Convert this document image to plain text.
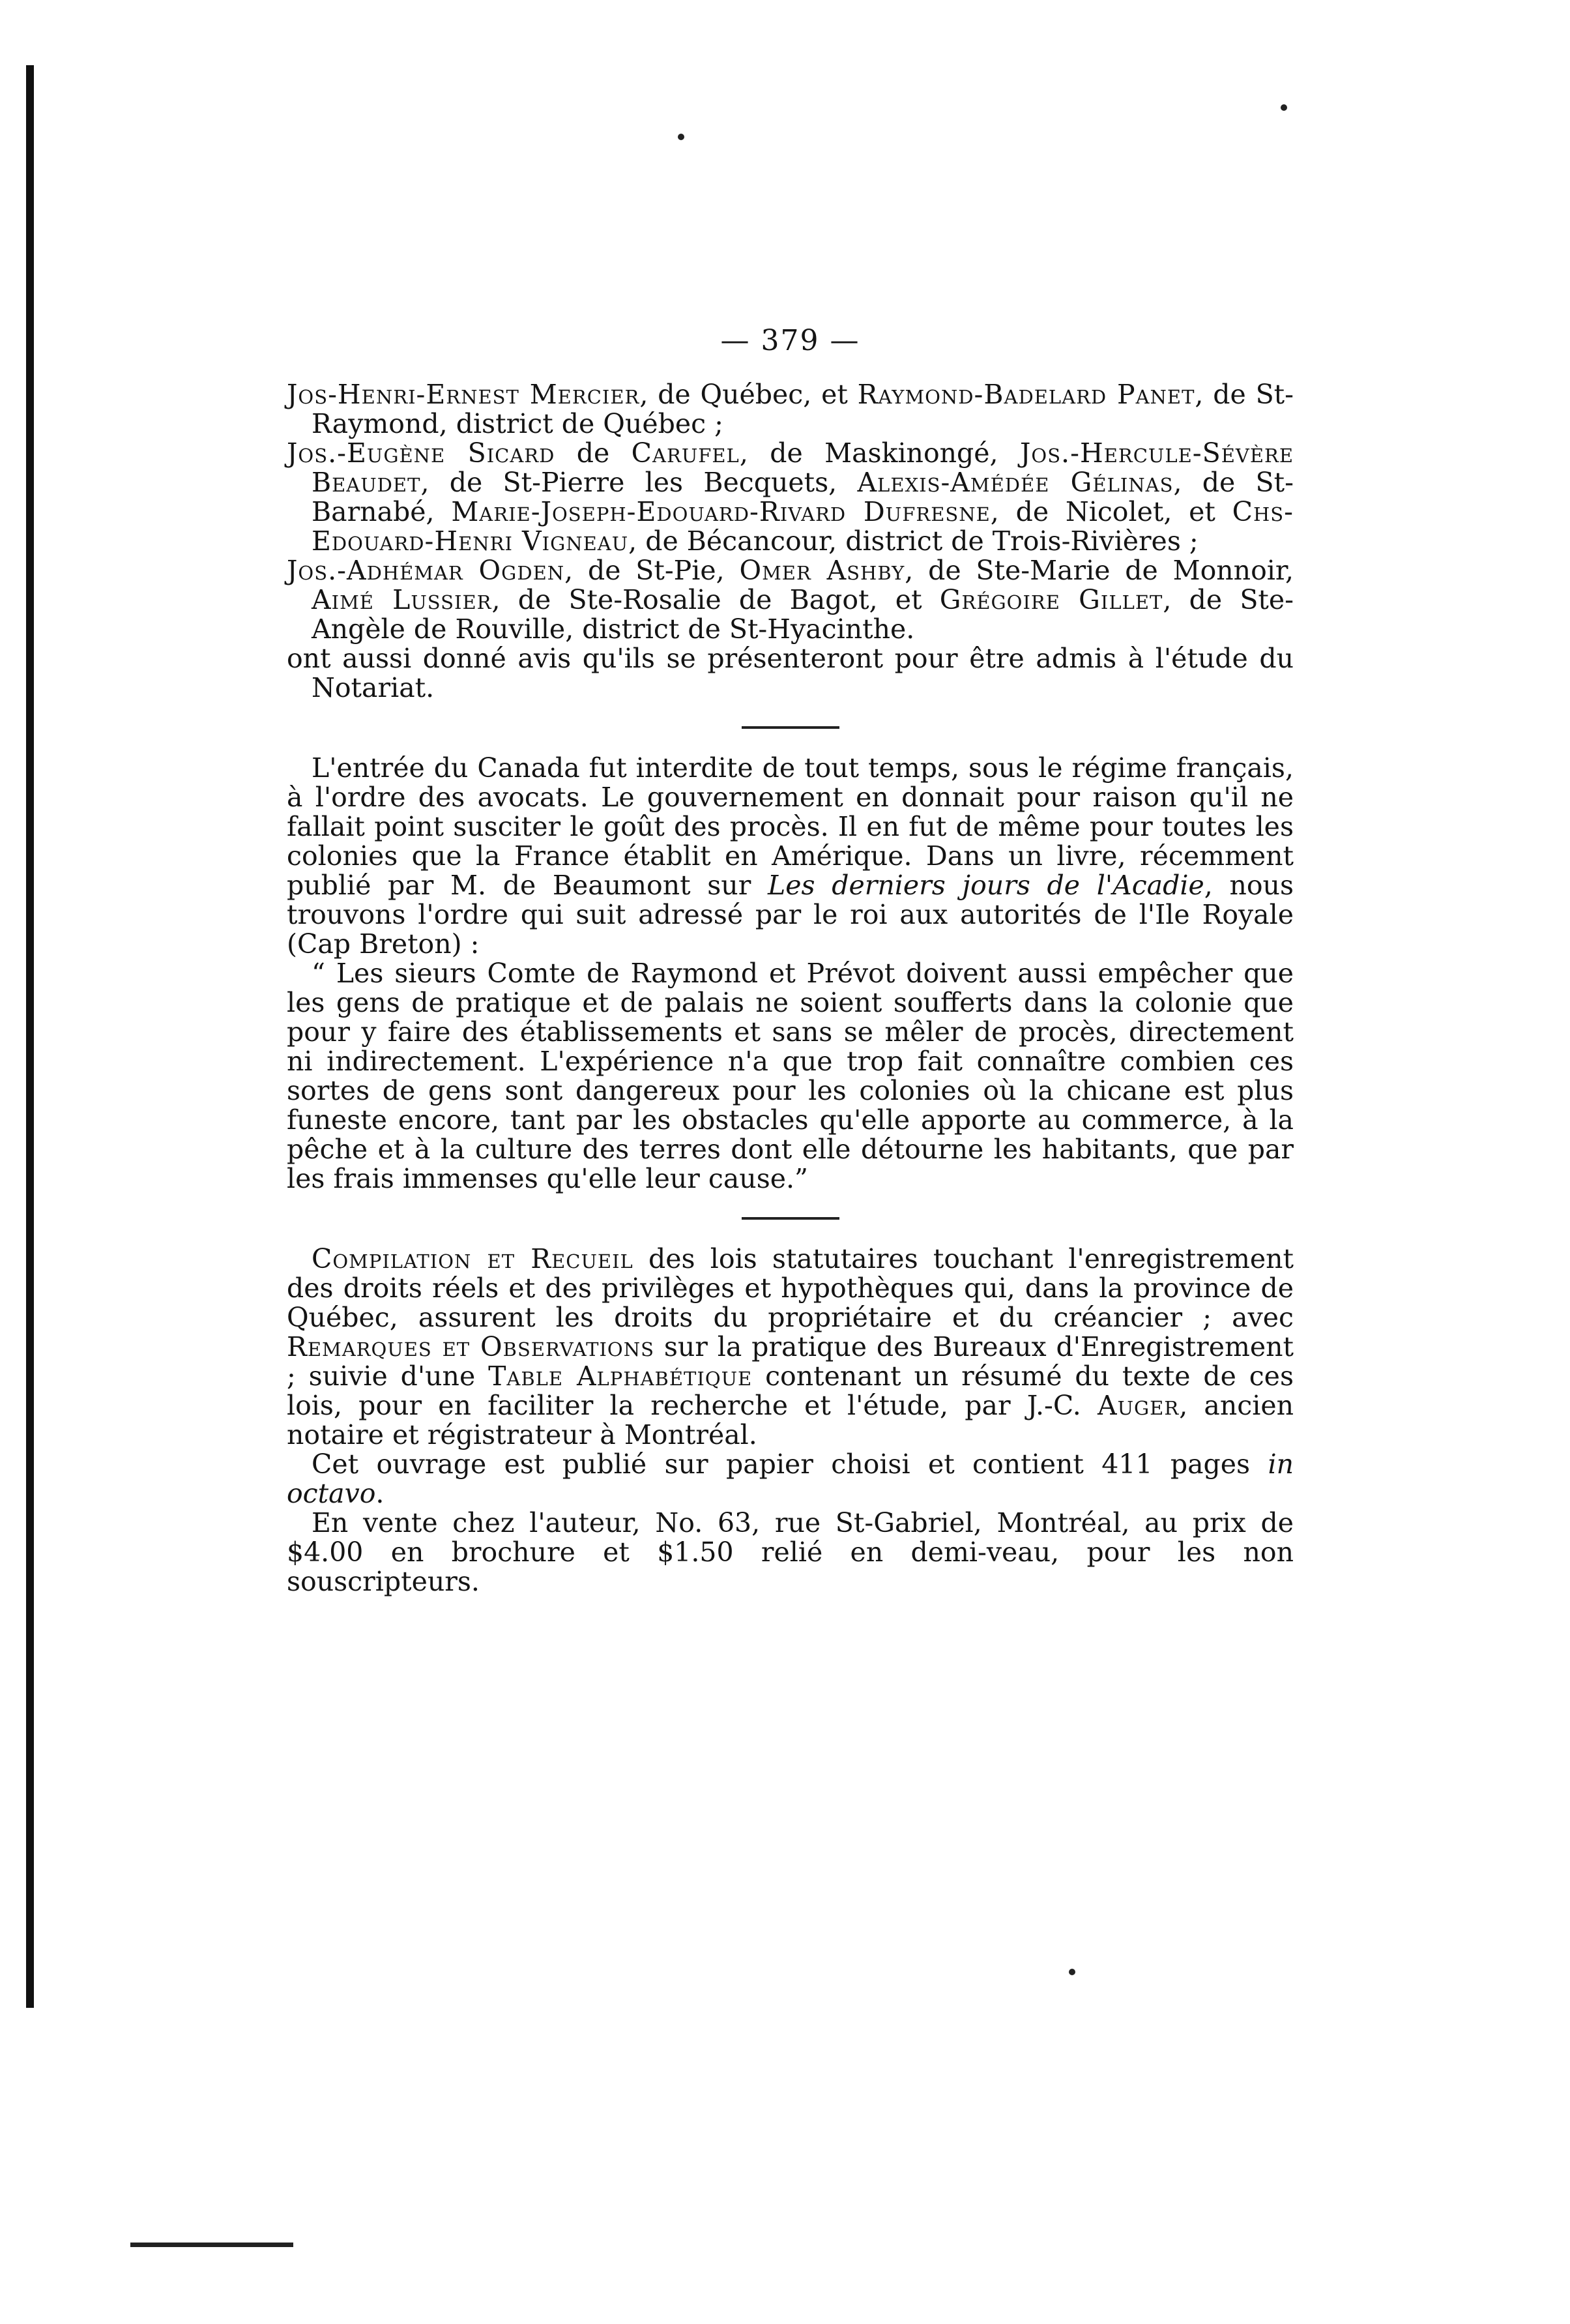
— 379 —

Jos-Henri-Ernest Mercier, de Québec, et Raymond-Badelard Panet, de St-Raymond, district de Québec ;

Jos.-Eugène Sicard de Carufel, de Maskinongé, Jos.-Hercule-Sévère Beaudet, de St-Pierre les Becquets, Alexis-Amédée Gélinas, de St-Barnabé, Marie-Joseph-Edouard-Rivard Dufresne, de Nicolet, et Chs-Edouard-Henri Vigneau, de Bécancour, district de Trois-Rivières ;

Jos.-Adhémar Ogden, de St-Pie, Omer Ashby, de Ste-Marie de Monnoir, Aimé Lussier, de Ste-Rosalie de Bagot, et Grégoire Gillet, de Ste-Angèle de Rouville, district de St-Hyacinthe.

ont aussi donné avis qu'ils se présenteront pour être admis à l'étude du Notariat.

L'entrée du Canada fut interdite de tout temps, sous le régime français, à l'ordre des avocats. Le gouvernement en donnait pour raison qu'il ne fallait point susciter le goût des procès. Il en fut de même pour toutes les colonies que la France établit en Amérique. Dans un livre, récemment publié par M. de Beaumont sur Les derniers jours de l'Acadie, nous trouvons l'ordre qui suit adressé par le roi aux autorités de l'Ile Royale (Cap Breton) :

“ Les sieurs Comte de Raymond et Prévot doivent aussi empêcher que les gens de pratique et de palais ne soient soufferts dans la colonie que pour y faire des établissements et sans se mêler de procès, directement ni indirectement. L'expérience n'a que trop fait connaître combien ces sortes de gens sont dangereux pour les colonies où la chicane est plus funeste encore, tant par les obstacles qu'elle apporte au commerce, à la pêche et à la culture des terres dont elle détourne les habitants, que par les frais immenses qu'elle leur cause.”

Compilation et Recueil des lois statutaires touchant l'enregistrement des droits réels et des privilèges et hypothèques qui, dans la province de Québec, assurent les droits du propriétaire et du créancier ; avec Remarques et Observations sur la pratique des Bureaux d'Enregistrement ; suivie d'une Table Alphabétique contenant un résumé du texte de ces lois, pour en faciliter la recherche et l'étude, par J.-C. Auger, ancien notaire et régistrateur à Montréal.

Cet ouvrage est publié sur papier choisi et contient 411 pages in octavo.

En vente chez l'auteur, No. 63, rue St-Gabriel, Montréal, au prix de $4.00 en brochure et $1.50 relié en demi-veau, pour les non souscripteurs.
